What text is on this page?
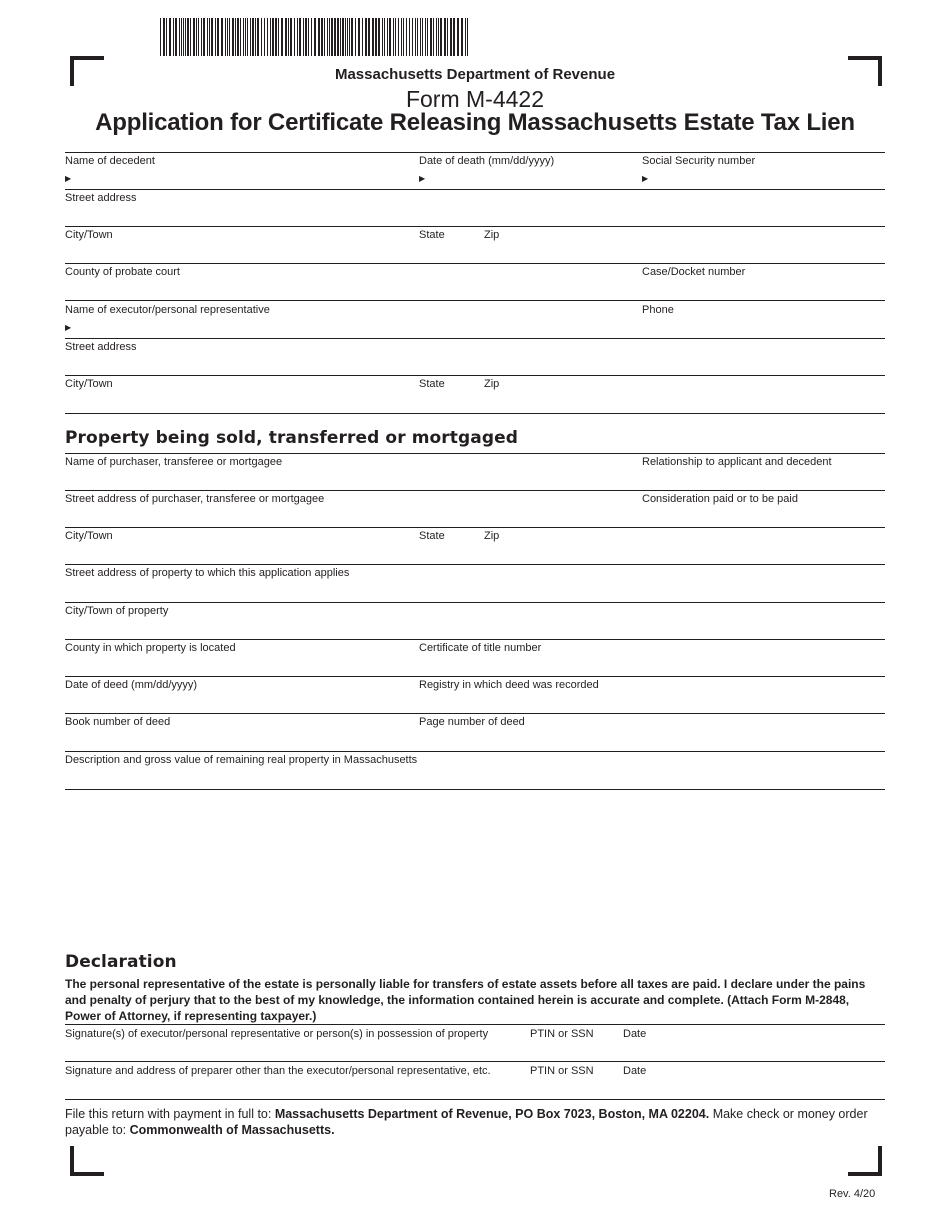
Massachusetts Department of Revenue
Form M-4422
Application for Certificate Releasing Massachusetts Estate Tax Lien
Name of decedent
▶
Date of death (mm/dd/yyyy)
▶
Social Security number
▶
Street address
City/Town	State	Zip
County of probate court	Case/Docket number
Name of executor/personal representative
▶
Phone
Street address
City/Town	State	Zip
Property being sold, transferred or mortgaged
Name of purchaser, transferee or mortgagee	Relationship to applicant and decedent
Street address of purchaser, transferee or mortgagee	Consideration paid or to be paid
City/Town	State	Zip
Street address of property to which this application applies
City/Town of property
County in which property is located	Certificate of title number
Date of deed (mm/dd/yyyy)	Registry in which deed was recorded
Book number of deed	Page number of deed
Description and gross value of remaining real property in Massachusetts
Declaration
The personal representative of the estate is personally liable for transfers of estate assets before all taxes are paid. I declare under the pains and penalty of perjury that to the best of my knowledge, the information contained herein is accurate and complete. (Attach Form M-2848, Power of Attorney, if representing taxpayer.)
Signature(s) of executor/personal representative or person(s) in possession of property	PTIN or SSN	Date
Signature and address of preparer other than the executor/personal representative, etc.	PTIN or SSN	Date
File this return with payment in full to: Massachusetts Department of Revenue, PO Box 7023, Boston, MA 02204. Make check or money order payable to: Commonwealth of Massachusetts.
Rev. 4/20
